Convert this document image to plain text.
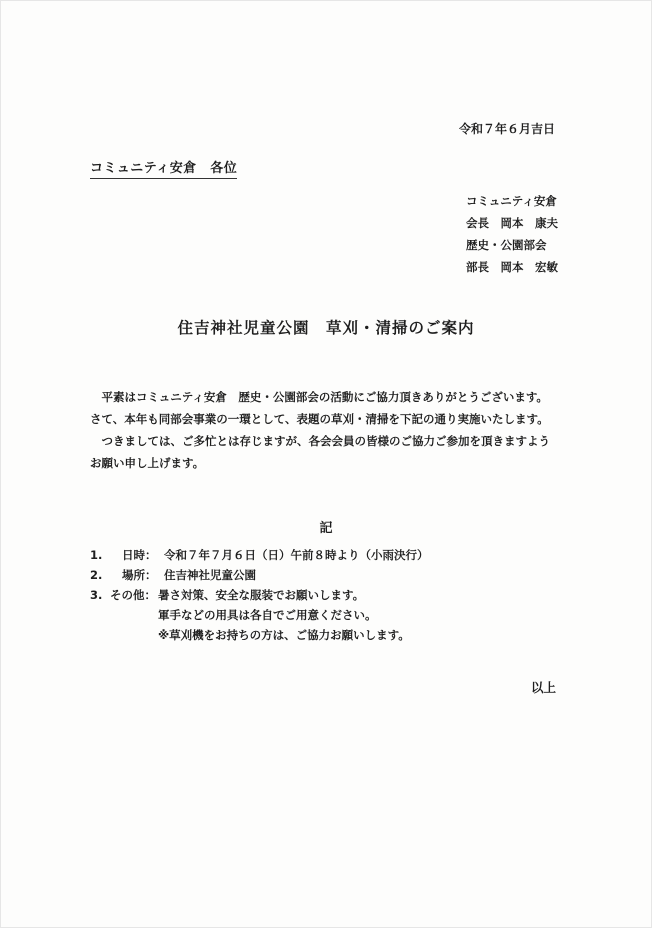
令和７年６月吉日
コミュニティ安倉　各位
コミュニティ安倉
会長　岡本　康夫
歴史・公園部会
部長　岡本　宏敏
住吉神社児童公園　草刈・清掃のご案内
　平素はコミュニティ安倉　歴史・公園部会の活動にご協力頂きありがとうございます。
さて、本年も同部会事業の一環として、表題の草刈・清掃を下記の通り実施いたします。
　つきましては、ご多忙とは存じますが、各会会員の皆様のご協力ご参加を頂きますよう
お願い申し上げます。
記
1.	日時： 令和７年７月６日（日）午前８時より（小雨決行）
2.	場所： 住吉神社児童公園
3. その他： 暑さ対策、安全な服装でお願いします。
軍手などの用具は各自でご用意ください。
※草刈機をお持ちの方は、ご協力お願いします。
以上
